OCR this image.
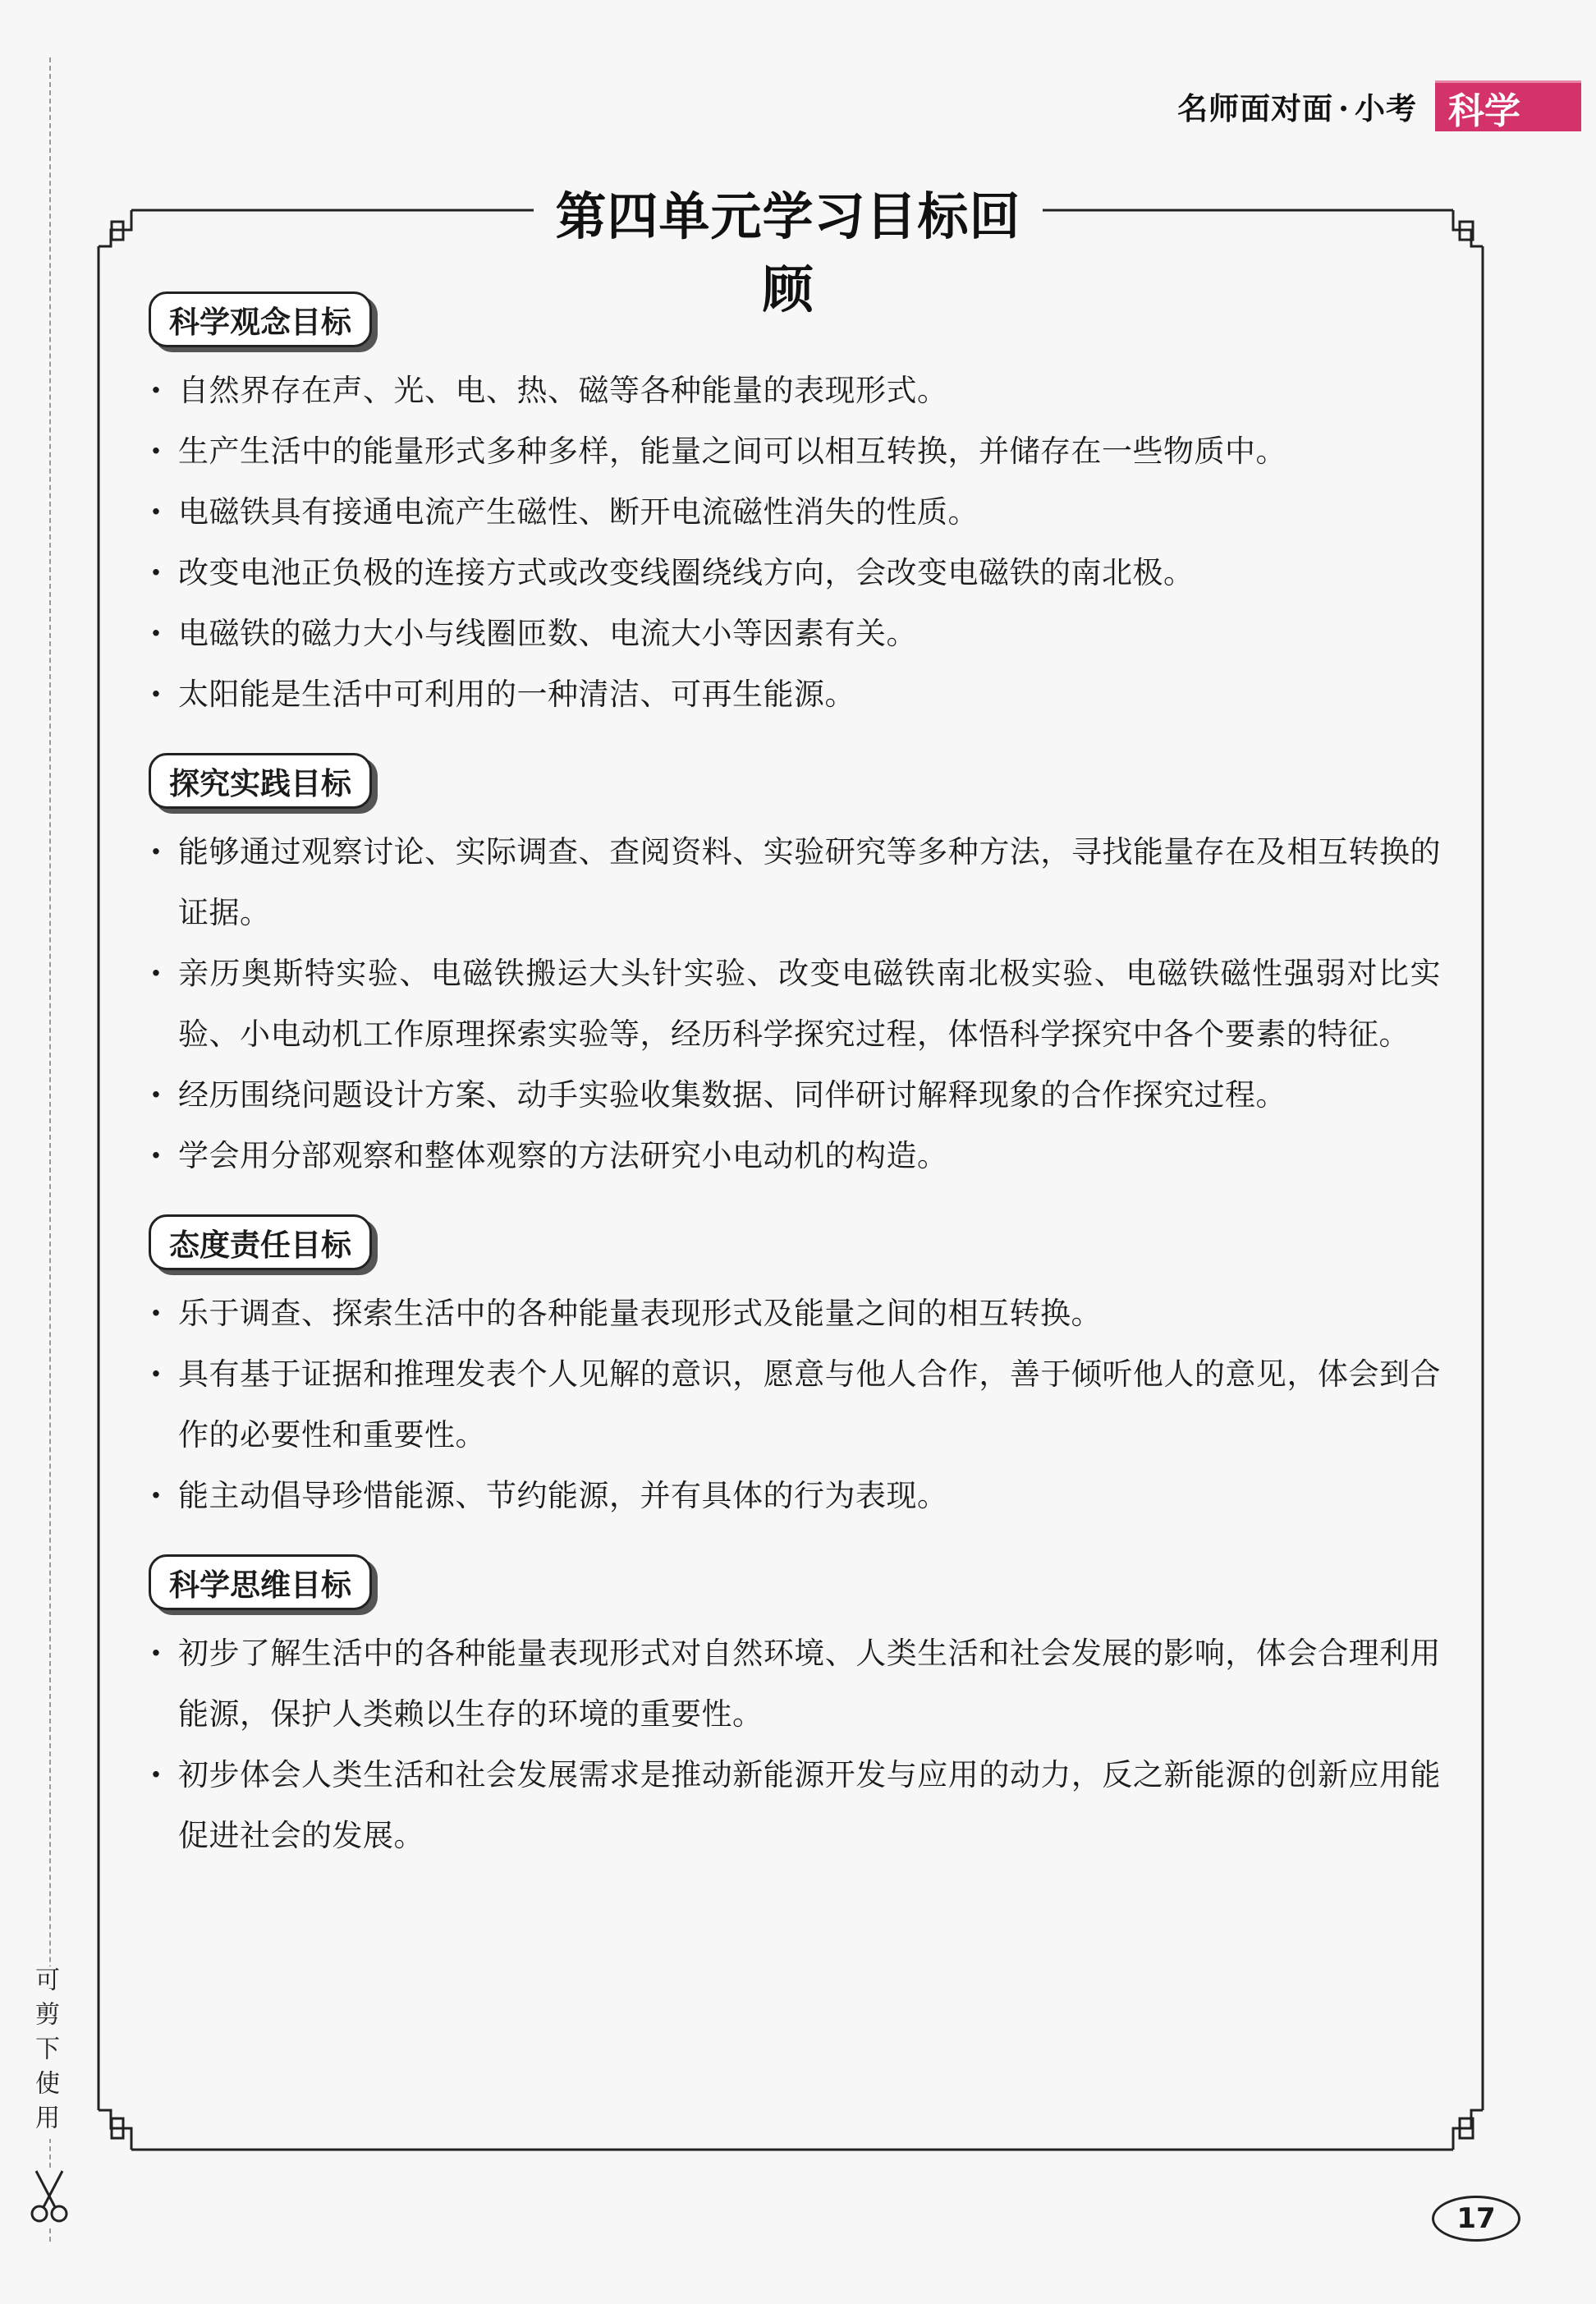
名师面对面 · 小考 科学
可剪下使用
第四单元学习目标回顾
科学观念目标
· 自然界存在声、光、电、热、磁等各种能量的表现形式。
· 生产生活中的能量形式多种多样，能量之间可以相互转换，并储存在一些物质中。
· 电磁铁具有接通电流产生磁性、断开电流磁性消失的性质。
· 改变电池正负极的连接方式或改变线圈绕线方向，会改变电磁铁的南北极。
· 电磁铁的磁力大小与线圈匝数、电流大小等因素有关。
· 太阳能是生活中可利用的一种清洁、可再生能源。
探究实践目标
· 能够通过观察讨论、实际调查、查阅资料、实验研究等多种方法，寻找能量存在及相互转换的证据。
· 亲历奥斯特实验、电磁铁搬运大头针实验、改变电磁铁南北极实验、电磁铁磁性强弱对比实验、小电动机工作原理探索实验等，经历科学探究过程，体悟科学探究中各个要素的特征。
· 经历围绕问题设计方案、动手实验收集数据、同伴研讨解释现象的合作探究过程。
· 学会用分部观察和整体观察的方法研究小电动机的构造。
态度责任目标
· 乐于调查、探索生活中的各种能量表现形式及能量之间的相互转换。
· 具有基于证据和推理发表个人见解的意识，愿意与他人合作，善于倾听他人的意见，体会到合作的必要性和重要性。
· 能主动倡导珍惜能源、节约能源，并有具体的行为表现。
科学思维目标
· 初步了解生活中的各种能量表现形式对自然环境、人类生活和社会发展的影响，体会合理利用能源，保护人类赖以生存的环境的重要性。
· 初步体会人类生活和社会发展需求是推动新能源开发与应用的动力，反之新能源的创新应用能促进社会的发展。
17
